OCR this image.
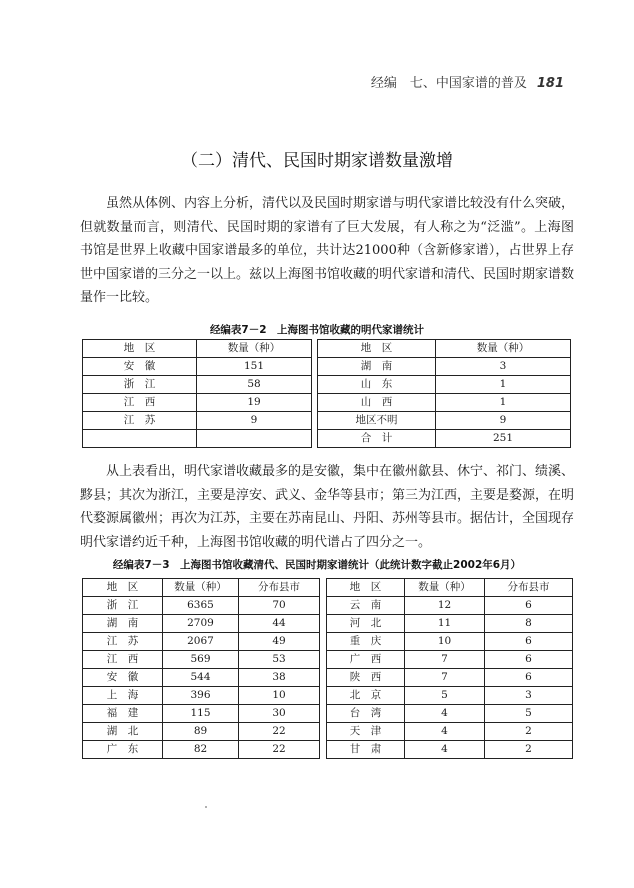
经编　七、中国家谱的普及 181
（二）清代、民国时期家谱数量激增

虽然从体例、内容上分析，清代以及民国时期家谱与明代家谱比较没有什么突破，但就数量而言，则清代、民国时期的家谱有了巨大发展，有人称之为“泛滥”。上海图书馆是世界上收藏中国家谱最多的单位，共计达21000种（含新修家谱），占世界上存世中国家谱的三分之一以上。兹以上海图书馆收藏的明代家谱和清代、民国时期家谱数量作一比较。

经编表7－2　上海图书馆收藏的明代家谱统计
地　区	数量（种）		地　区	数量（种）
安　徽	151		湖　南	3
浙　江	58		山　东	1
江　西	19		山　西	1
江　苏	9		地区不明	9
			合　计	251

从上表看出，明代家谱收藏最多的是安徽，集中在徽州歙县、休宁、祁门、绩溪、黟县；其次为浙江，主要是淳安、武义、金华等县市；第三为江西，主要是婺源，在明代婺源属徽州；再次为江苏，主要在苏南昆山、丹阳、苏州等县市。据估计，全国现存明代家谱约近千种，上海图书馆收藏的明代谱占了四分之一。

经编表7－3　上海图书馆收藏清代、民国时期家谱统计（此统计数字截止2002年6月）
地　区	数量（种）	分布县市		地　区	数量（种）	分布县市
浙　江	6365	70		云　南	12	6
湖　南	2709	44		河　北	11	8
江　苏	2067	49		重　庆	10	6
江　西	569	53		广　西	7	6
安　徽	544	38		陕　西	7	6
上　海	396	10		北　京	5	3
福　建	115	30		台　湾	4	5
湖　北	89	22		天　津	4	2
广　东	82	22		甘　肃	4	2
